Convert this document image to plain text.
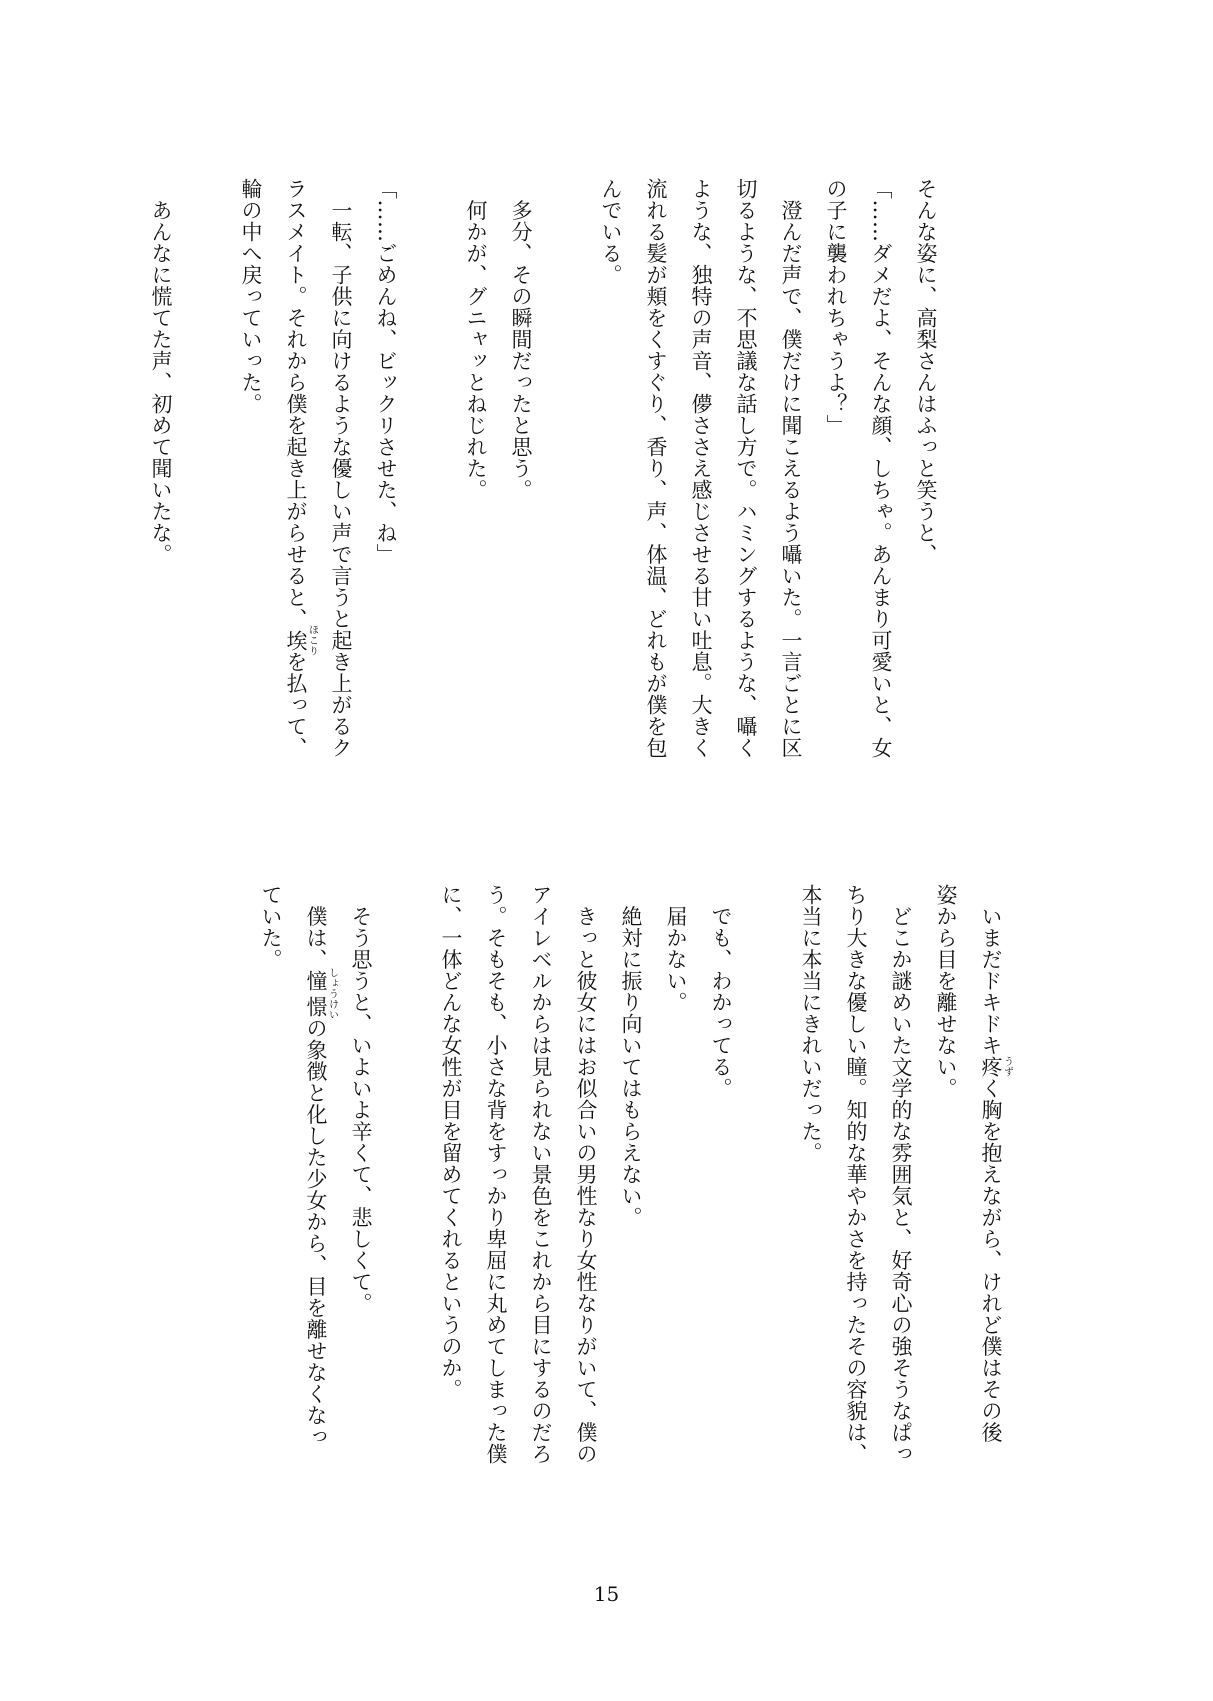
そんな姿に、高梨さんはふっと笑うと、
「……ダメだよ、そんな顔、しちゃ。あんまり可愛いと、女
の子に襲われちゃうよ？」
　澄んだ声で、僕だけに聞こえるよう囁いた。一言ごとに区
切るような、不思議な話し方で。ハミングするような、囁く
ような、独特の声音、儚ささえ感じさせる甘い吐息。大きく
流れる髪が頬をくすぐり、香り、声、体温、どれもが僕を包
んでいる。
　多分、その瞬間だったと思う。
　何かが、グニャッとねじれた。
「……ごめんね、ビックリさせた、ね」
　一転、子供に向けるような優しい声で言うと起き上がるク
ラスメイト。それから僕を起き上がらせると、埃ほこりを払って、
輪の中へ戻っていった。
　あんなに慌てた声、初めて聞いたな。
　いまだドキドキ疼うずく胸を抱えながら、けれど僕はその後
姿から目を離せない。
　どこか謎めいた文学的な雰囲気と、好奇心の強そうなぱっ
ちり大きな優しい瞳。知的な華やかさを持ったその容貌は、
本当に本当にきれいだった。
　でも、わかってる。
　届かない。
　絶対に振り向いてはもらえない。
　きっと彼女にはお似合いの男性なり女性なりがいて、僕の
アイレベルからは見られない景色をこれから目にするのだろ
う。そもそも、小さな背をすっかり卑屈に丸めてしまった僕
に、一体どんな女性が目を留めてくれるというのか。
　そう思うと、いよいよ辛くて、悲しくて。
　僕は、憧憬しょうけいの象徴と化した少女から、目を離せなくなっ
ていた。
15
